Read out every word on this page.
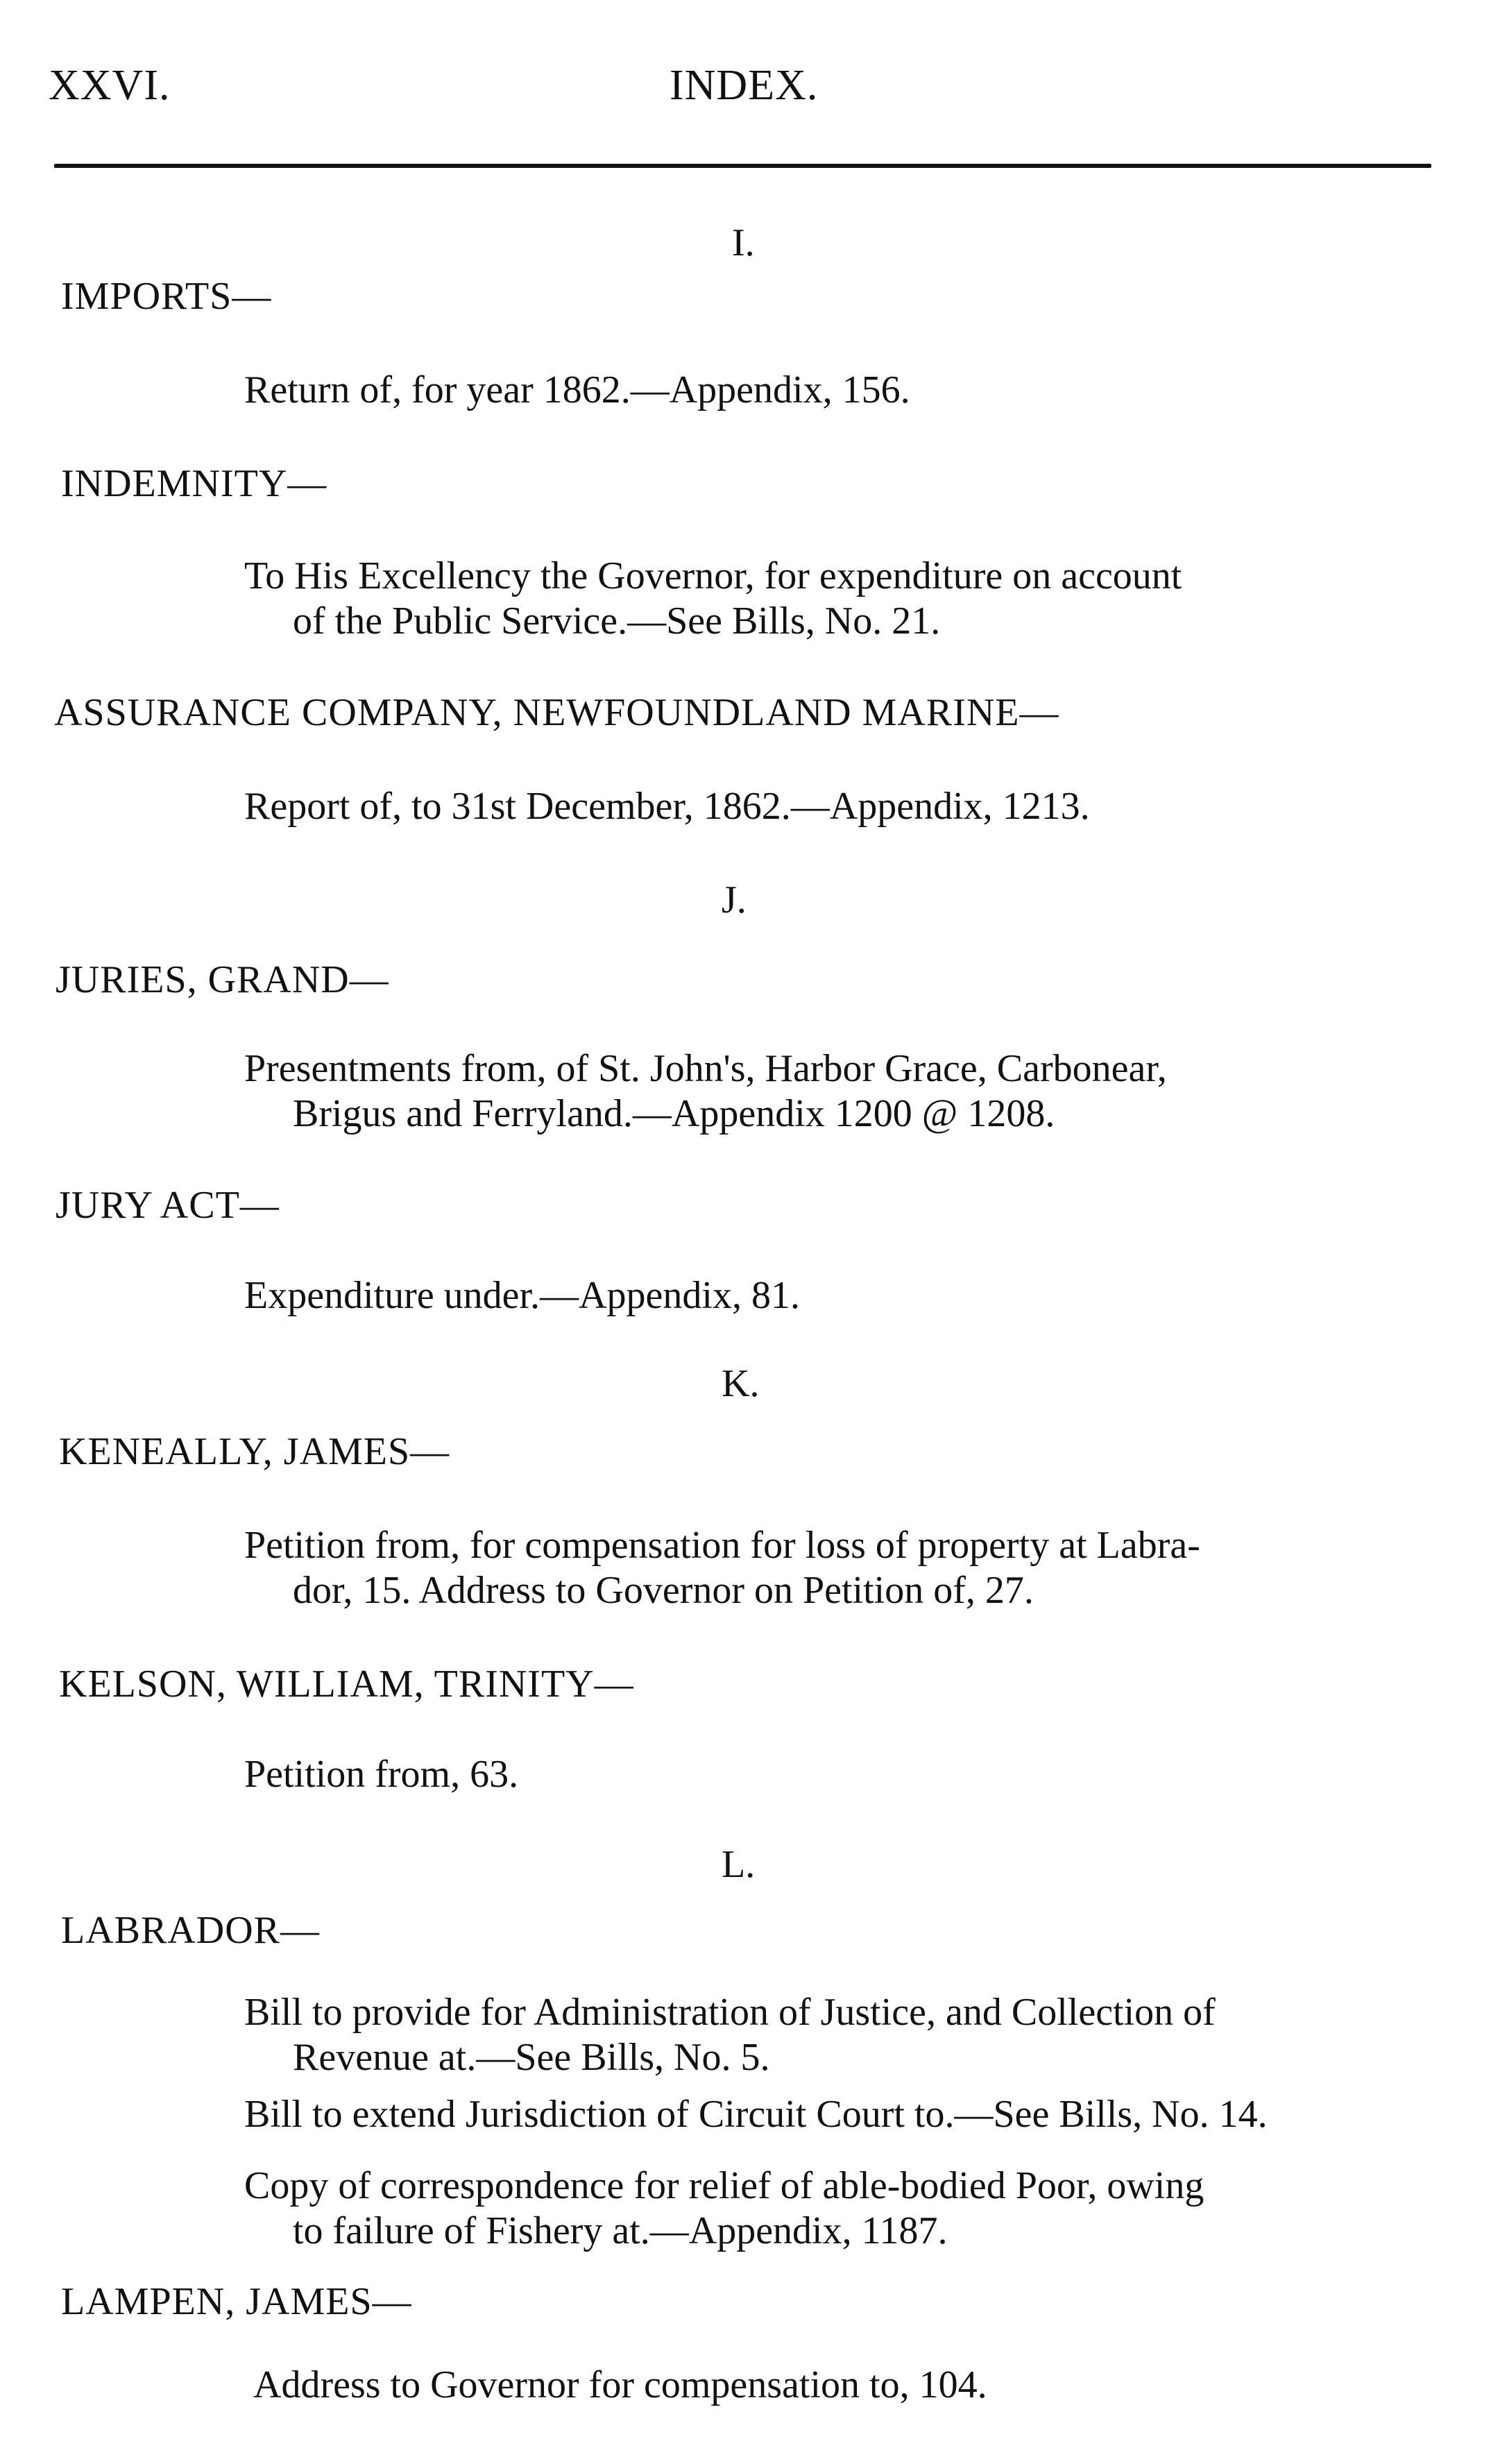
XXVI.	INDEX.
I.
IMPORTS—
Return of, for year 1862.—Appendix, 156.
INDEMNITY—
To His Excellency the Governor, for expenditure on account
of the Public Service.—See Bills, No. 21.
ASSURANCE COMPANY, NEWFOUNDLAND MARINE—
Report of, to 31st December, 1862.—Appendix, 1213.
J.
JURIES, GRAND—
Presentments from, of St. John's, Harbor Grace, Carbonear,
Brigus and Ferryland.—Appendix 1200 @ 1208.
JURY ACT—
Expenditure under.—Appendix, 81.
K.
KENEALLY, JAMES—
Petition from, for compensation for loss of property at Labra-
dor, 15. Address to Governor on Petition of, 27.
KELSON, WILLIAM, TRINITY—
Petition from, 63.
L.
LABRADOR—
Bill to provide for Administration of Justice, and Collection of
Revenue at.—See Bills, No. 5.
Bill to extend Jurisdiction of Circuit Court to.—See Bills, No. 14.
Copy of correspondence for relief of able-bodied Poor, owing
to failure of Fishery at.—Appendix, 1187.
LAMPEN, JAMES—
Address to Governor for compensation to, 104.
